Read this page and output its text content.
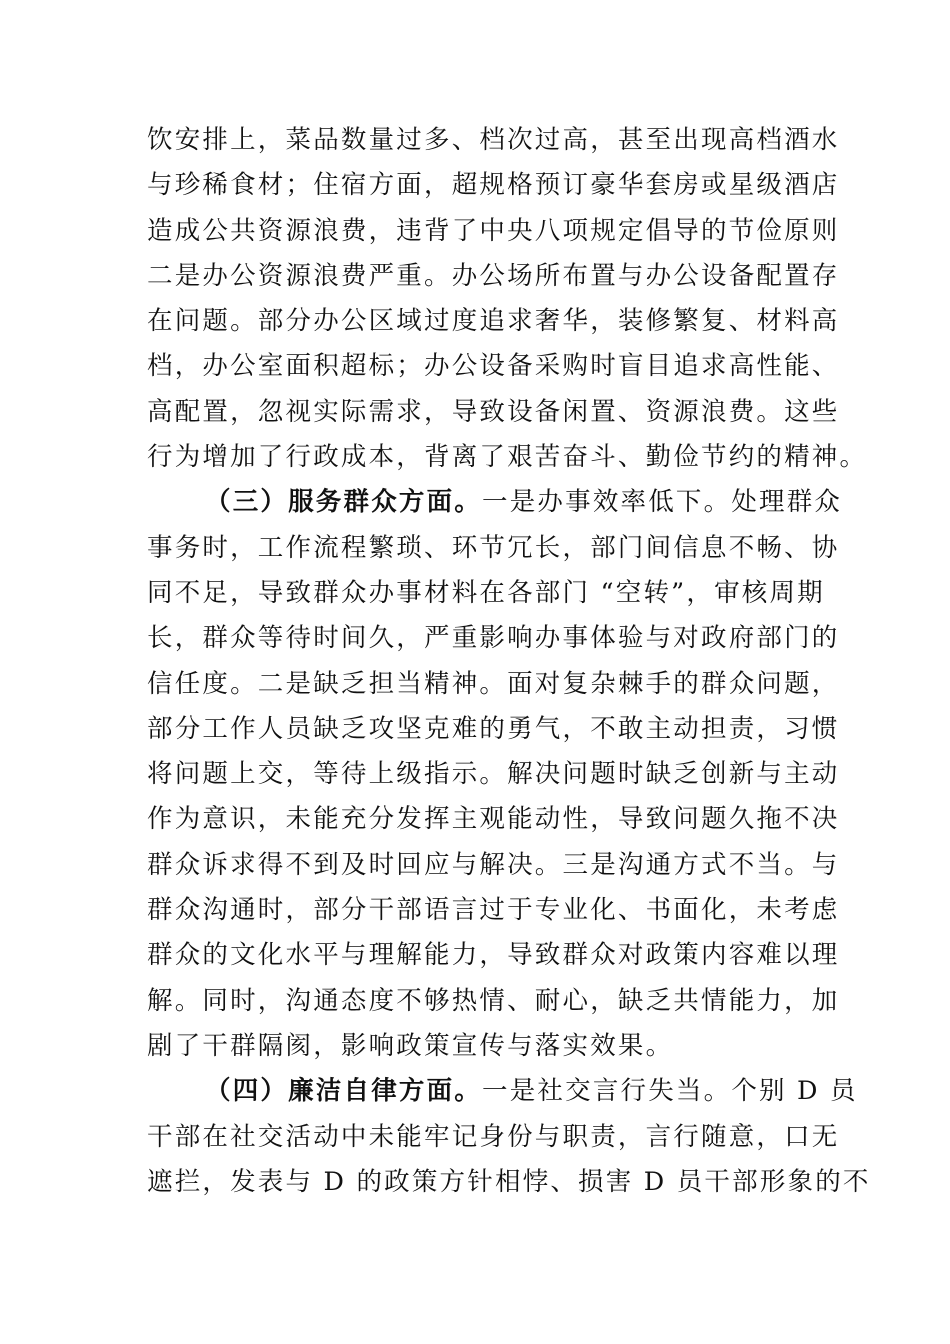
饮安排上，菜品数量过多、档次过高，甚至出现高档酒水
与珍稀食材；住宿方面，超规格预订豪华套房或星级酒店
造成公共资源浪费，违背了中央八项规定倡导的节俭原则
二是办公资源浪费严重。办公场所布置与办公设备配置存
在问题。部分办公区域过度追求奢华，装修繁复、材料高
档，办公室面积超标；办公设备采购时盲目追求高性能、
高配置，忽视实际需求，导致设备闲置、资源浪费。这些
行为增加了行政成本，背离了艰苦奋斗、勤俭节约的精神。
（三）服务群众方面。一是办事效率低下。处理群众
事务时，工作流程繁琐、环节冗长，部门间信息不畅、协
同不足，导致群众办事材料在各部门 “空转”，审核周期
长，群众等待时间久，严重影响办事体验与对政府部门的
信任度。二是缺乏担当精神。面对复杂棘手的群众问题，
部分工作人员缺乏攻坚克难的勇气，不敢主动担责，习惯
将问题上交，等待上级指示。解决问题时缺乏创新与主动
作为意识，未能充分发挥主观能动性，导致问题久拖不决
群众诉求得不到及时回应与解决。三是沟通方式不当。与
群众沟通时，部分干部语言过于专业化、书面化，未考虑
群众的文化水平与理解能力，导致群众对政策内容难以理
解。同时，沟通态度不够热情、耐心，缺乏共情能力，加
剧了干群隔阂，影响政策宣传与落实效果。
（四）廉洁自律方面。一是社交言行失当。个别 D 员
干部在社交活动中未能牢记身份与职责，言行随意，口无
遮拦，发表与 D 的政策方针相悖、损害 D 员干部形象的不
